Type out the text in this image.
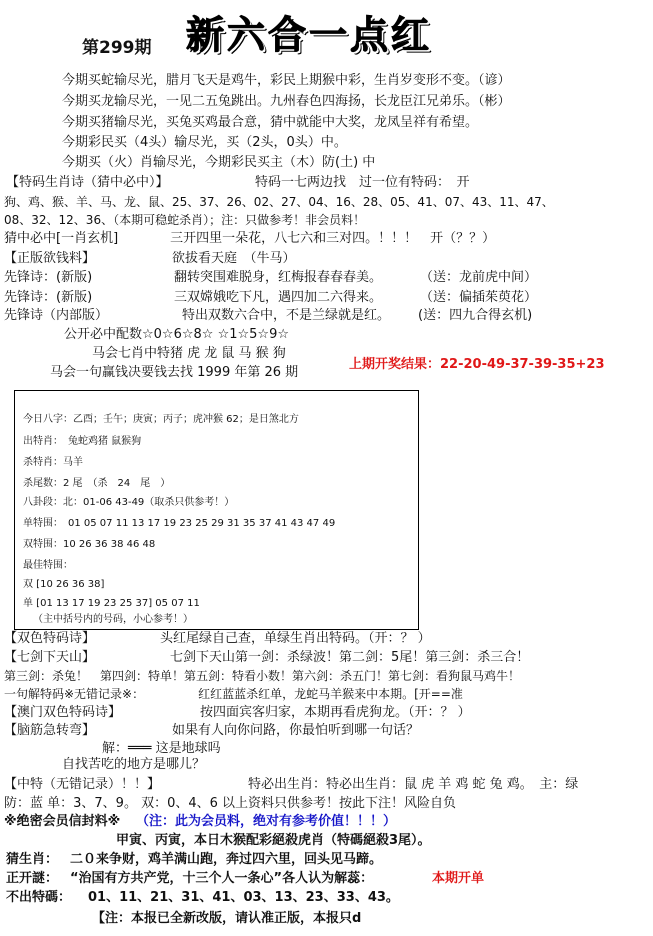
第299期 新六合一点红
今期买蛇输尽光，腊月飞天是鸡牛，彩民上期猴中彩，生肖岁变形不变。（谚）
今期买龙输尽光，一见二五兔跳出。九州春色四海扬，长龙臣江兄弟乐。（彬）
今期买猪输尽光，买兔买鸡最合意，猜中就能中大奖，龙凤呈祥有希望。
今期彩民买（4头）输尽光，买（2头，0头）中。
今期买（火）肖输尽光，今期彩民买主（木）防(土) 中
【特码生肖诗（猜中必中）】	特码一七两边找　过一位有特码：　开
狗、鸡、猴、羊、马、龙、鼠、25、37、26、02、27、04、16、28、05、41、07、43、11、47、
08、32、12、36、（本期可稳蛇杀肖）；注：只做参考！非会员料！
猜中必中[一肖玄机]　　　　三开四里一朵花，八七六和三对四。！！！　开（？？）
【正版欲钱料】	欲拔看天庭　（牛马）
先锋诗：(新版)	翻转突围难脱身，红梅报春春春美。	（送：龙前虎中间）
先锋诗：(新版)	三双嫦娥吃下凡，遇四加二六得来。	（送：偏插茱萸花）
先锋诗（内部版）	特出双数六合中，不是兰绿就是红。 (送：四九合得玄机)
公开必中配数☆0☆6☆8☆ ☆1☆5☆9☆
马会七肖中特猪 虎 龙 鼠 马 猴 狗
上期开奖结果：22-20-49-37-39-35+23
马会一句赢钱决要钱去找 1999 年第 26 期
今日八字：乙酉；壬午；庚寅；丙子；虎冲猴 62；是日煞北方
出特肖：　兔蛇鸡猪 鼠猴狗
杀特肖：马羊
杀尾数：2 尾　（杀　24　尾　）
八卦段：北：01-06 43-49（取杀只供参考！）
单特围：　01 05 07 11 13 17 19 23 25 29 31 35 37 41 43 47 49
双特围：10 26 36 38 46 48
最佳特围：
双 [10 26 36 38]
单 [01 13 17 19 23 25 37] 05 07 11
（主中括号内的号码，小心参考！）
【双色特码诗】	头红尾绿自己查，单绿生肖出特码。（开：？ ）
【七剑下天山】	七剑下天山第一剑：杀绿波！第二剑：5尾！第三剑：杀三合！
第三剑：杀兔！　第四剑：特单！第五剑：特看小数！第六剑：杀五门！第七剑：看狗鼠马鸡牛！
一句解特码※无错记录※：　　　　　红红蓝蓝杀红单，龙蛇马羊猴来中本期。[开==准
【澳门双色特码诗】	按四面宾客归家，本期再看虎狗龙。（开：？ ）
【脑筋急转弯】	如果有人向你问路，你最怕听到哪一句话？
解：═══ 这是地球吗
自找苦吃的地方是哪儿？
【中特（无错记录）！！】	特必出生肖：特必出生肖：鼠 虎 羊 鸡 蛇 兔 鸡。　主：绿
防：蓝 单：3、7、9。 双：0、4、6 以上资料只供参考！按此下注！风险自负
※绝密会员信封料※ （注：此为会员料，绝对有参考价值！！！）
甲寅、丙寅，本日木猴配彩絕殺虎肖（特碼絕殺3尾）。
猜生肖： 二０来争财，鸡羊满山跑，奔过四六里，回头见马蹄。
正开謎： “治国有方共产党，十三个人一条心”各人认为解蕊：	本期开单
不出特碼： 01、11、21、31、41、03、13、23、33、43。
【注：本报已全新改版，请认准正版，本报只d
